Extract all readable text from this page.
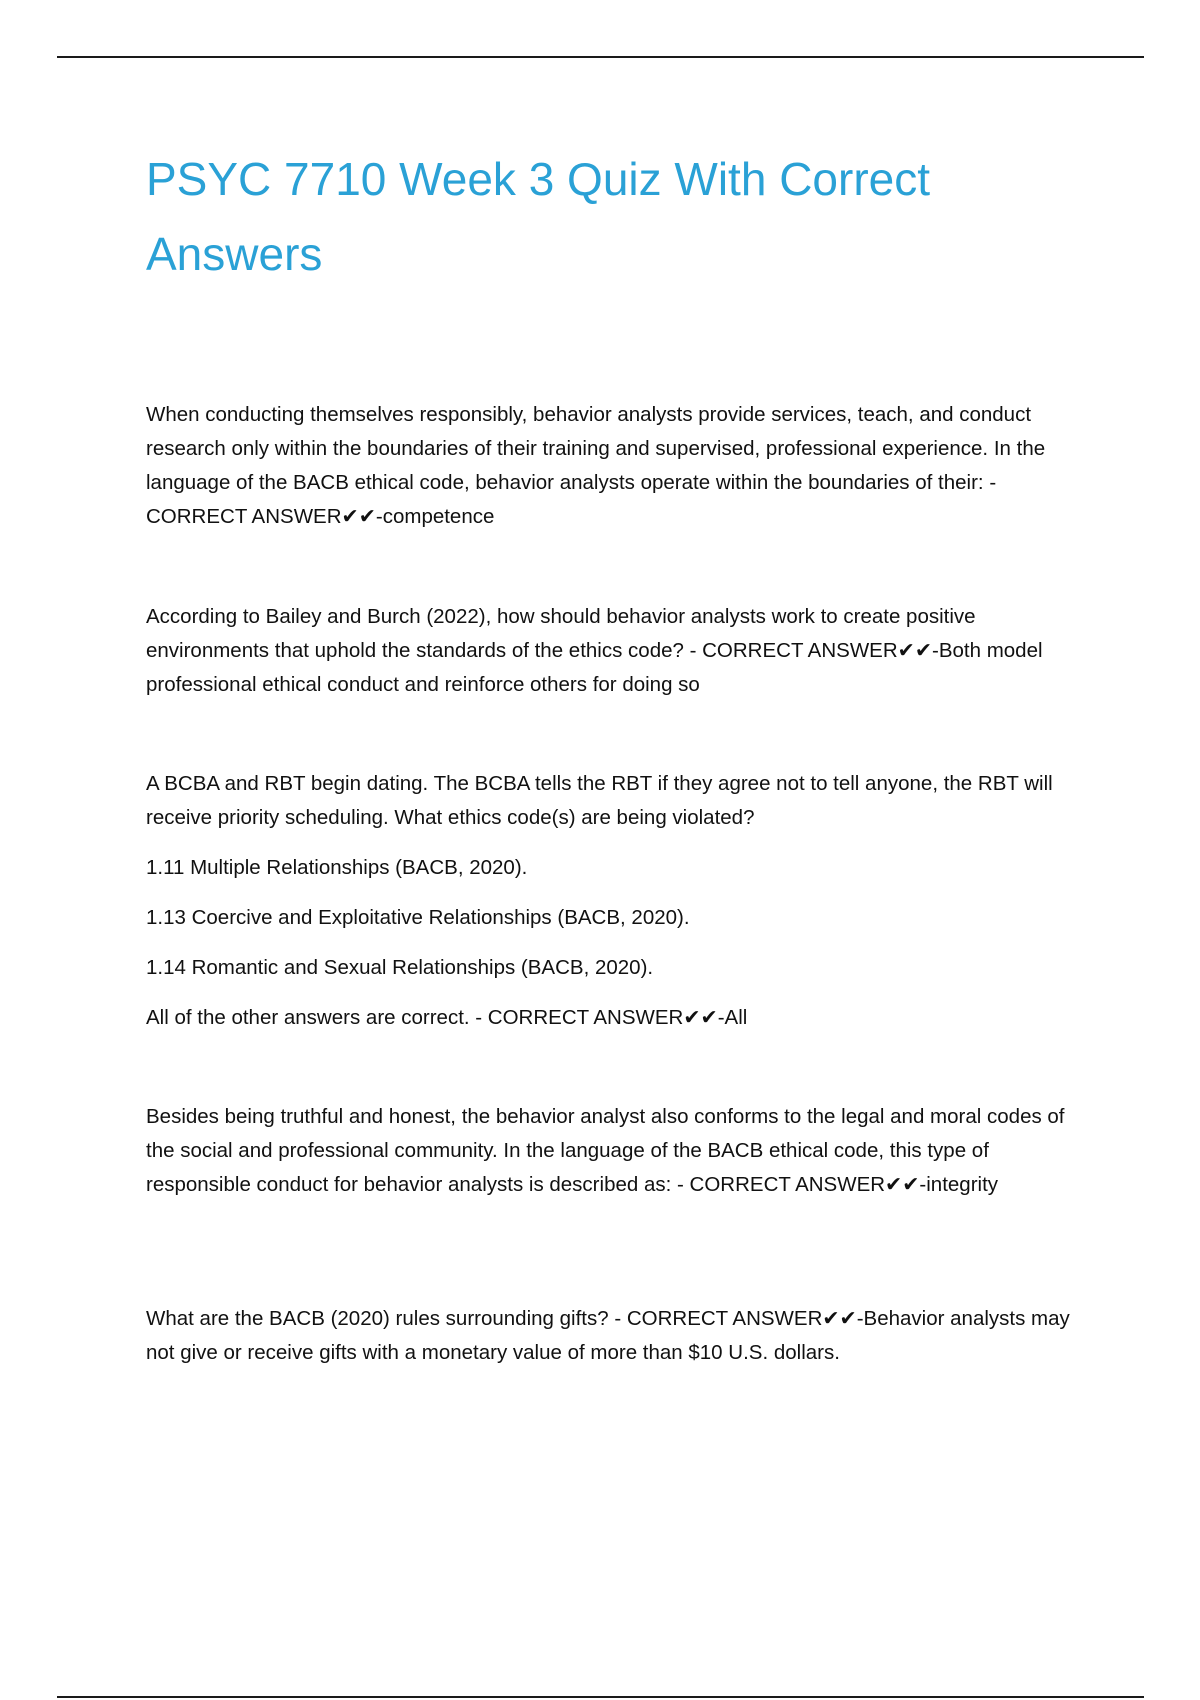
PSYC 7710 Week 3 Quiz With Correct Answers

When conducting themselves responsibly, behavior analysts provide services, teach, and conduct research only within the boundaries of their training and supervised, professional experience. In the language of the BACB ethical code, behavior analysts operate within the boundaries of their: - CORRECT ANSWER✔✔-competence

According to Bailey and Burch (2022), how should behavior analysts work to create positive environments that uphold the standards of the ethics code? - CORRECT ANSWER✔✔-Both model professional ethical conduct and reinforce others for doing so

A BCBA and RBT begin dating. The BCBA tells the RBT if they agree not to tell anyone, the RBT will receive priority scheduling. What ethics code(s) are being violated?

1.11 Multiple Relationships (BACB, 2020).

1.13 Coercive and Exploitative Relationships (BACB, 2020).

1.14 Romantic and Sexual Relationships (BACB, 2020).

All of the other answers are correct. - CORRECT ANSWER✔✔-All

Besides being truthful and honest, the behavior analyst also conforms to the legal and moral codes of the social and professional community. In the language of the BACB ethical code, this type of responsible conduct for behavior analysts is described as: - CORRECT ANSWER✔✔-integrity

What are the BACB (2020) rules surrounding gifts? - CORRECT ANSWER✔✔-Behavior analysts may not give or receive gifts with a monetary value of more than $10 U.S. dollars.
